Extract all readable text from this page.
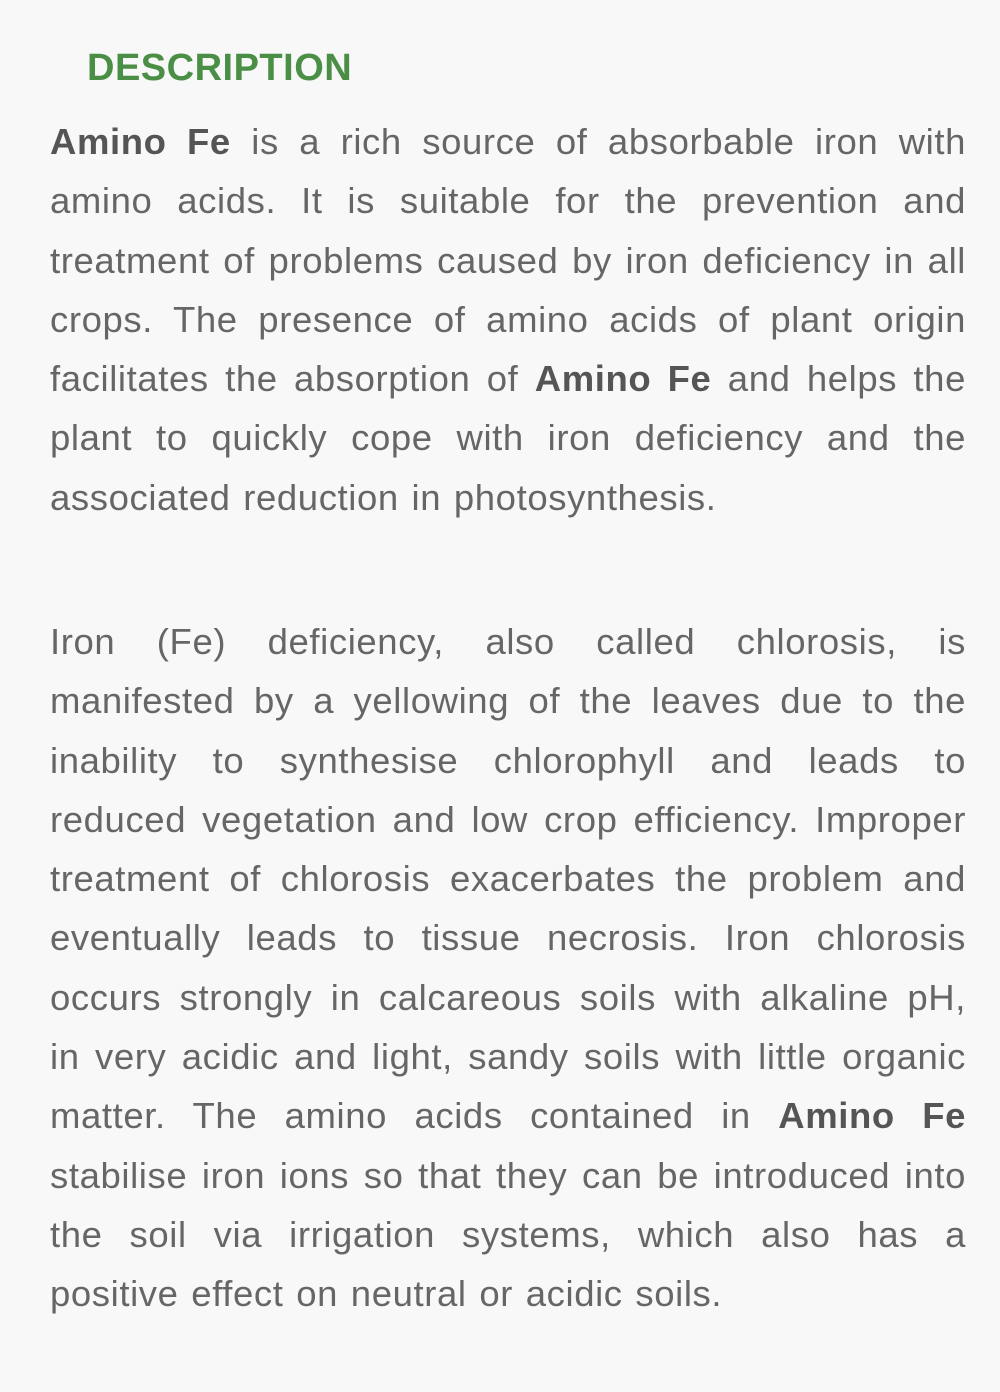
DESCRIPTION

Amino Fe is a rich source of absorbable iron with amino acids. It is suitable for the prevention and treatment of problems caused by iron deficiency in all crops. The presence of amino acids of plant origin facilitates the absorption of Amino Fe and helps the plant to quickly cope with iron deficiency and the associated reduction in photosynthesis.

Iron (Fe) deficiency, also called chlorosis, is manifested by a yellowing of the leaves due to the inability to synthesise chlorophyll and leads to reduced vegetation and low crop efficiency. Improper treatment of chlorosis exacerbates the problem and eventually leads to tissue necrosis. Iron chlorosis occurs strongly in calcareous soils with alkaline pH, in very acidic and light, sandy soils with little organic matter. The amino acids contained in Amino Fe stabilise iron ions so that they can be introduced into the soil via irrigation systems, which also has a positive effect on neutral or acidic soils.
